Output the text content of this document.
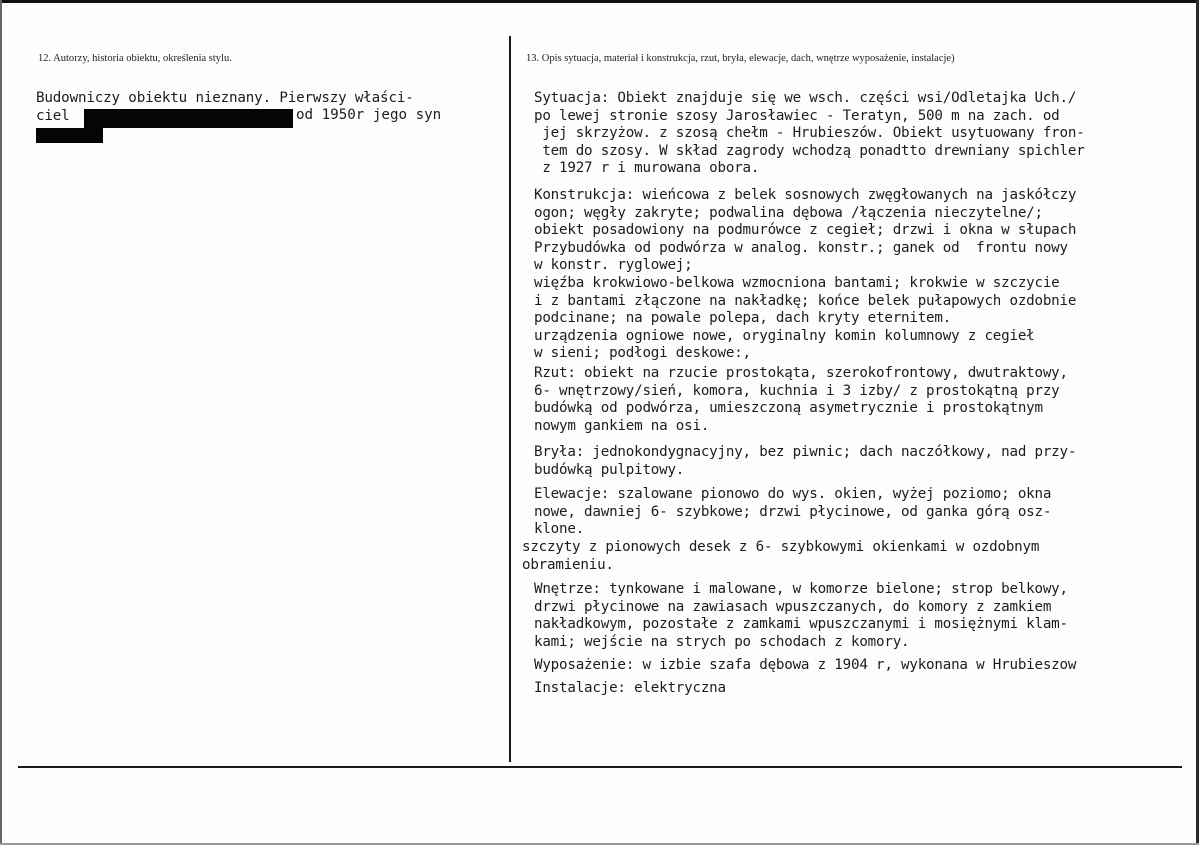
12. Autorzy, historia obiektu, określenia stylu.	13. Opis sytuacja, materiał i konstrukcja, rzut, bryła, elewacje, dach, wnętrze wyposażenie, instalacje)
Budowniczy obiektu nieznany. Pierwszy właści-
ciel	od 1950r jego syn
Sytuacja: Obiekt znajduje się we wsch. części wsi/Odletajka Uch./
po lewej stronie szosy Jarosławiec - Teratyn, 500 m na zach. od
jej skrzyżow. z szosą chełm - Hrubieszów. Obiekt usytuowany fron-
tem do szosy. W skład zagrody wchodzą ponadtto drewniany spichler
z 1927 r i murowana obora.
Konstrukcja: wieńcowa z belek sosnowych zwęgłowanych na jaskółczy
ogon; węgły zakryte; podwalina dębowa /łączenia nieczytelne/;
obiekt posadowiony na podmurówce z cegieł; drzwi i okna w słupach
Przybudówka od podwórza w analog. konstr.; ganek od  frontu nowy
w konstr. ryglowej;
więźba krokwiowo-belkowa wzmocniona bantami; krokwie w szczycie
i z bantami złączone na nakładkę; końce belek pułapowych ozdobnie
podcinane; na powale polepa, dach kryty eternitem.
urządzenia ogniowe nowe, oryginalny komin kolumnowy z cegieł
w sieni; podłogi deskowe:,
Rzut: obiekt na rzucie prostokąta, szerokofrontowy, dwutraktowy,
6- wnętrzowy/sień, komora, kuchnia i 3 izby/ z prostokątną przy
budówką od podwórza, umieszczoną asymetrycznie i prostokątnym
nowym gankiem na osi.
Bryła: jednokondygnacyjny, bez piwnic; dach naczółkowy, nad przy-
budówką pulpitowy.
Elewacje: szalowane pionowo do wys. okien, wyżej poziomo; okna
nowe, dawniej 6- szybkowe; drzwi płycinowe, od ganka górą osz-
klone.
szczyty z pionowych desek z 6- szybkowymi okienkami w ozdobnym
obramieniu.
Wnętrze: tynkowane i malowane, w komorze bielone; strop belkowy,
drzwi płycinowe na zawiasach wpuszczanych, do komory z zamkiem
nakładkowym, pozostałe z zamkami wpuszczanymi i mosiężnymi klam-
kami; wejście na strych po schodach z komory.
Wyposażenie: w izbie szafa dębowa z 1904 r, wykonana w Hrubieszow
Instalacje: elektryczna
